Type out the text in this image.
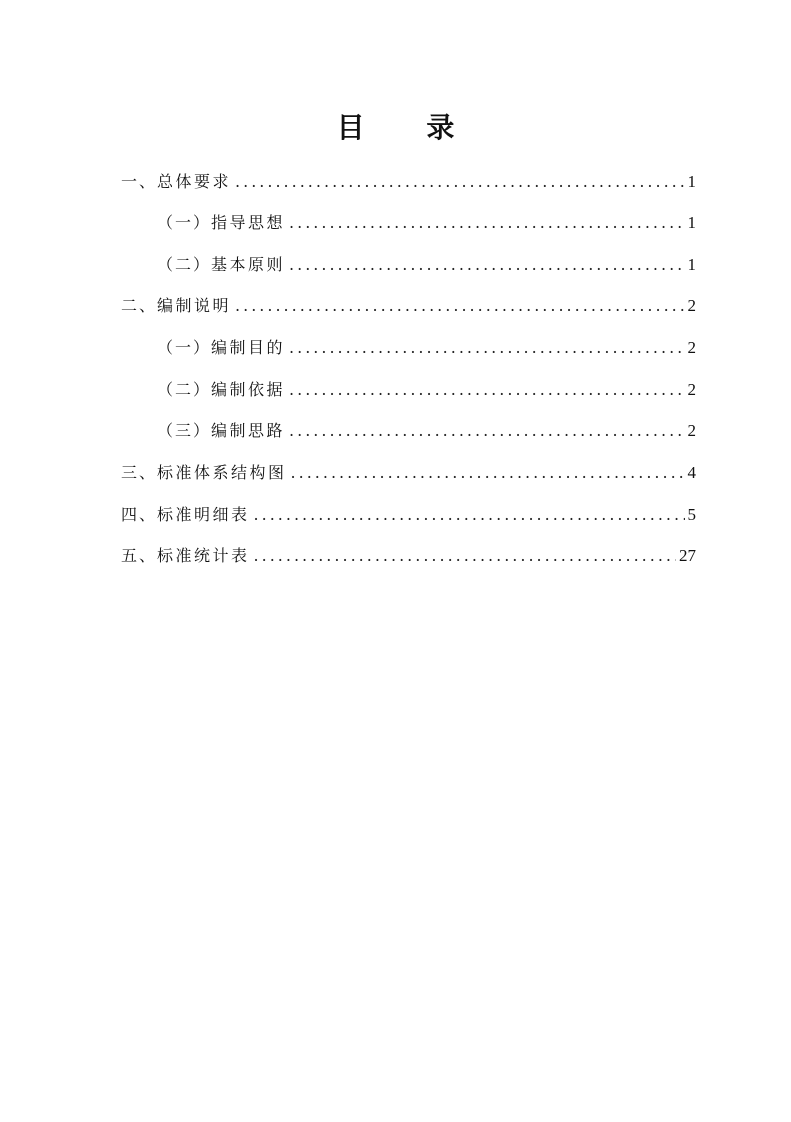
目 录
一、 总体要求 .....	1
（一） 指导思想 .....	1
（二） 基本原则 .....	1
二、 编制说明 .....	2
（一） 编制目的 .....	2
（二） 编制依据 .....	2
（三） 编制思路 .....	2
三、 标准体系结构图 .....	4
四、 标准明细表 .....	5
五、 标准统计表 .....	27
